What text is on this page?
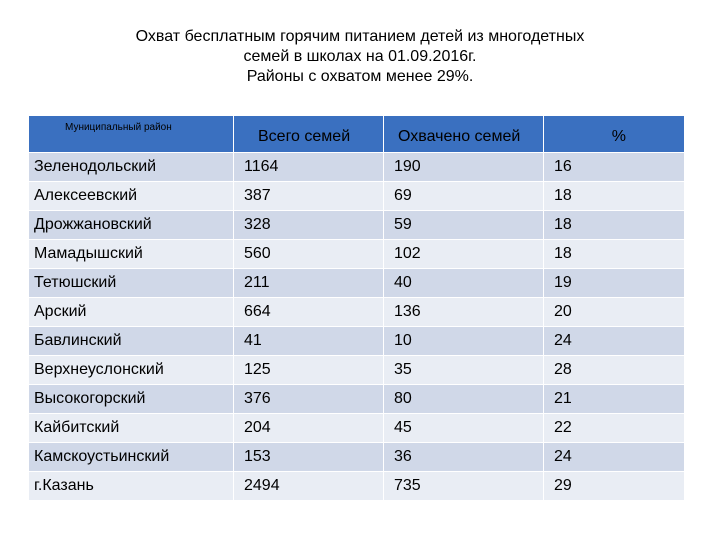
Охват бесплатным горячим питанием детей из многодетных
семей в школах на 01.09.2016г.
Районы с охватом менее 29%.
Муниципальный район	Всего семей	Охвачено семей	%
Зеленодольский	1164	190	16
Алексеевский	387	69	18
Дрожжановский	328	59	18
Мамадышский	560	102	18
Тетюшский	211	40	19
Арский	664	136	20
Бавлинский	41	10	24
Верхнеуслонский	125	35	28
Высокогорский	376	80	21
Кайбитский	204	45	22
Камскоустьинский	153	36	24
г.Казань	2494	735	29
